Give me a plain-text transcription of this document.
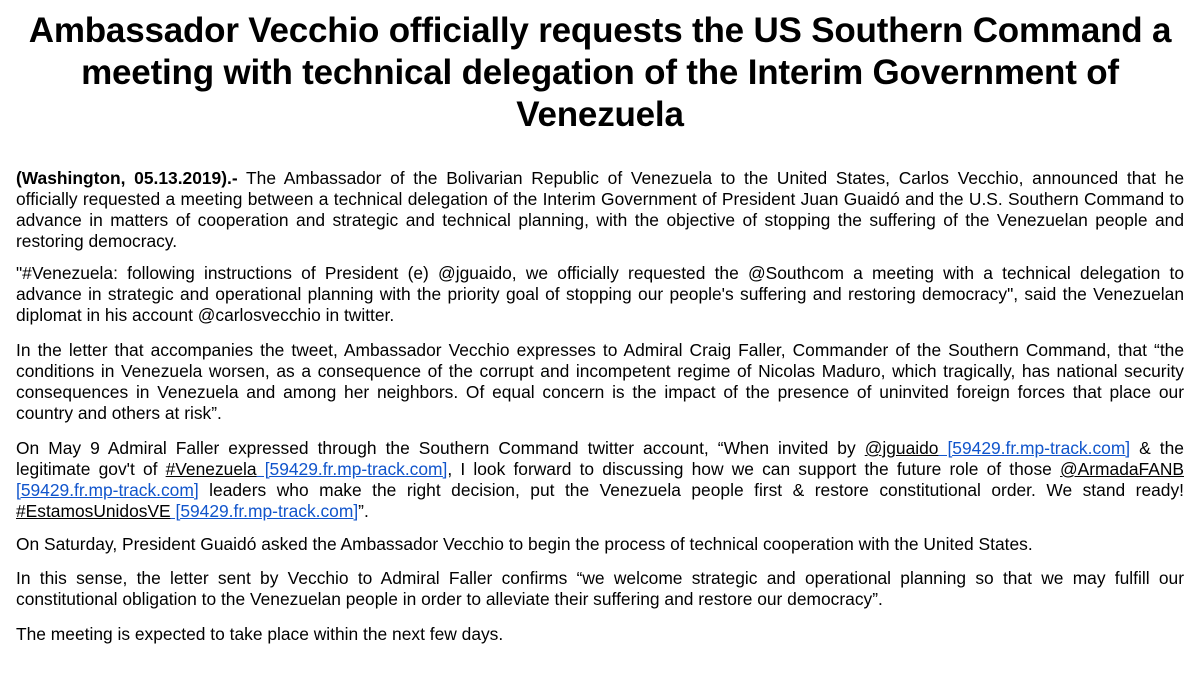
Ambassador Vecchio officially requests the US Southern Command a
meeting with technical delegation of the Interim Government of
Venezuela
(Washington, 05.13.2019).- The Ambassador of the Bolivarian Republic of Venezuela to the United States, Carlos Vecchio, announced that he
officially requested a meeting between a technical delegation of the Interim Government of President Juan Guaidó and the U.S. Southern Command to
advance in matters of cooperation and strategic and technical planning, with the objective of stopping the suffering of the Venezuelan people and
restoring democracy.
"#Venezuela: following instructions of President (e) @jguaido, we officially requested the @Southcom a meeting with a technical delegation to
advance in strategic and operational planning with the priority goal of stopping our people's suffering and restoring democracy", said the Venezuelan
diplomat in his account @carlosvecchio in twitter.
In the letter that accompanies the tweet, Ambassador Vecchio expresses to Admiral Craig Faller, Commander of the Southern Command, that “the
conditions in Venezuela worsen, as a consequence of the corrupt and incompetent regime of Nicolas Maduro, which tragically, has national security
consequences in Venezuela and among her neighbors. Of equal concern is the impact of the presence of uninvited foreign forces that place our
country and others at risk”.
On May 9 Admiral Faller expressed through the Southern Command twitter account, “When invited by @jguaido [59429.fr.mp-track.com] & the
legitimate gov't of #Venezuela [59429.fr.mp-track.com], I look forward to discussing how we can support the future role of those @ArmadaFANB
[59429.fr.mp-track.com] leaders who make the right decision, put the Venezuela people first & restore constitutional order. We stand ready!
#EstamosUnidosVE [59429.fr.mp-track.com]”.
On Saturday, President Guaidó asked the Ambassador Vecchio to begin the process of technical cooperation with the United States.
In this sense, the letter sent by Vecchio to Admiral Faller confirms “we welcome strategic and operational planning so that we may fulfill our
constitutional obligation to the Venezuelan people in order to alleviate their suffering and restore our democracy”.
The meeting is expected to take place within the next few days.
